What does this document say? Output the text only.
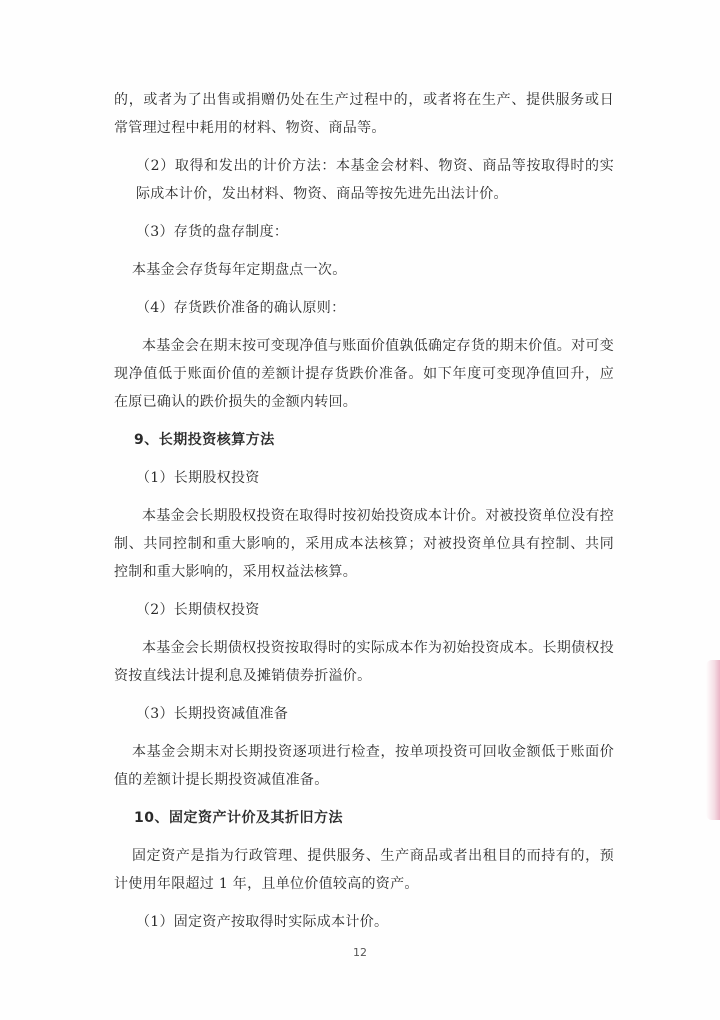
的，或者为了出售或捐赠仍处在生产过程中的，或者将在生产、提供服务或日常管理过程中耗用的材料、物资、商品等。

（2）取得和发出的计价方法：本基金会材料、物资、商品等按取得时的实际成本计价，发出材料、物资、商品等按先进先出法计价。

（3）存货的盘存制度：

本基金会存货每年定期盘点一次。

（4）存货跌价准备的确认原则：

本基金会在期末按可变现净值与账面价值孰低确定存货的期末价值。对可变现净值低于账面价值的差额计提存货跌价准备。如下年度可变现净值回升，应在原已确认的跌价损失的金额内转回。

9、长期投资核算方法

（1）长期股权投资

本基金会长期股权投资在取得时按初始投资成本计价。对被投资单位没有控制、共同控制和重大影响的，采用成本法核算；对被投资单位具有控制、共同控制和重大影响的，采用权益法核算。

（2）长期债权投资

本基金会长期债权投资按取得时的实际成本作为初始投资成本。长期债权投资按直线法计提利息及摊销债券折溢价。

（3）长期投资减值准备

本基金会期末对长期投资逐项进行检查，按单项投资可回收金额低于账面价值的差额计提长期投资减值准备。

10、固定资产计价及其折旧方法

固定资产是指为行政管理、提供服务、生产商品或者出租目的而持有的，预计使用年限超过 1 年，且单位价值较高的资产。

（1）固定资产按取得时实际成本计价。

12
